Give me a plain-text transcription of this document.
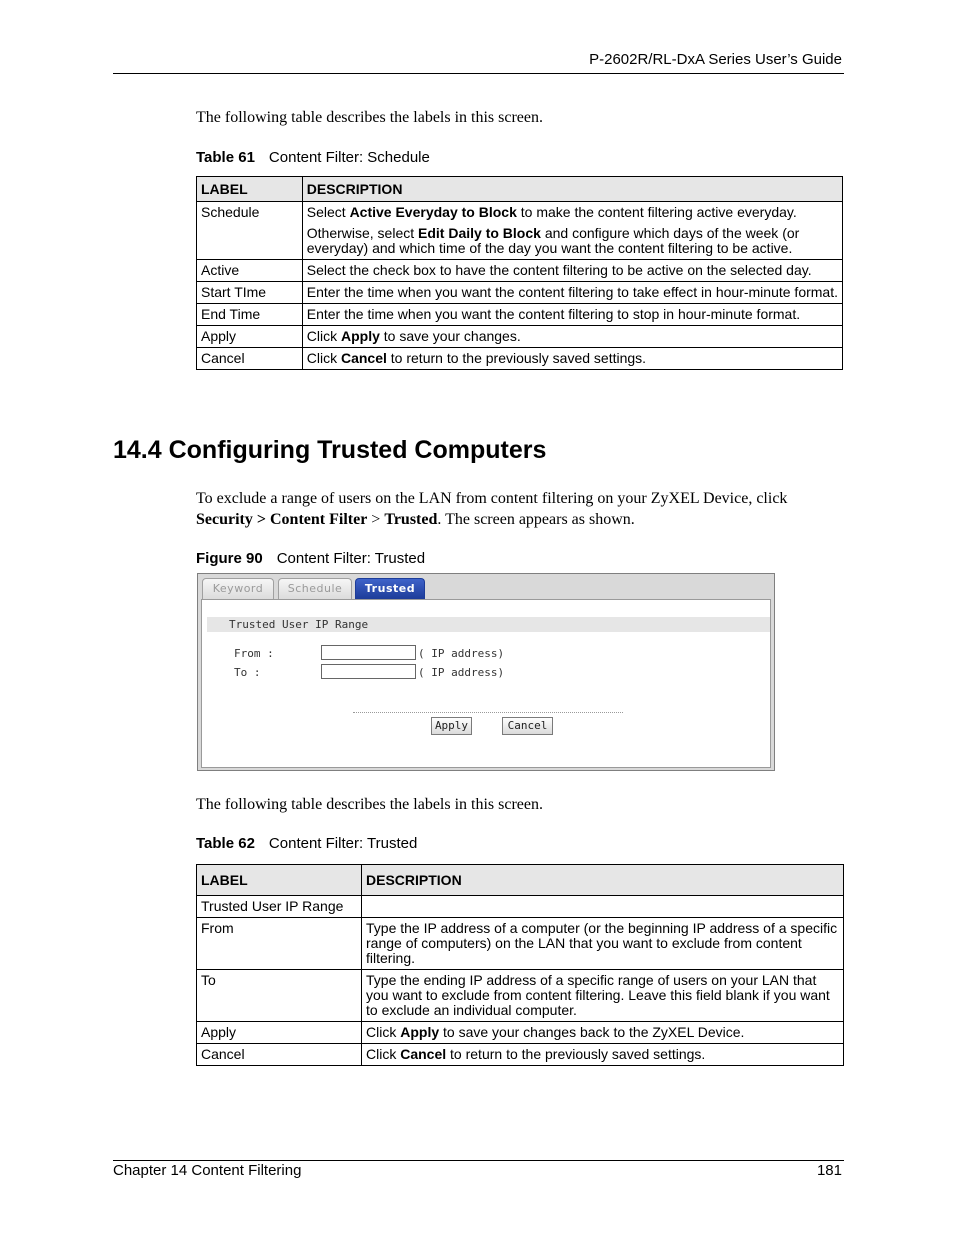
P-2602R/RL-DxA Series User’s Guide
The following table describes the labels in this screen.
Table 61 Content Filter: Schedule
LABEL	DESCRIPTION
Schedule	Select Active Everyday to Block to make the content filtering active everyday.

Otherwise, select Edit Daily to Block and configure which days of the week (or everyday) and which time of the day you want the content filtering to be active.

Active	Select the check box to have the content filtering to be active on the selected day.
Start TIme	Enter the time when you want the content filtering to take effect in hour-minute format.
End Time	Enter the time when you want the content filtering to stop in hour-minute format.
Apply	Click Apply to save your changes.
Cancel	Click Cancel to return to the previously saved settings.
14.4 Configuring Trusted Computers
To exclude a range of users on the LAN from content filtering on your ZyXEL Device, click Security > Content Filter > Trusted. The screen appears as shown.
Figure 90 Content Filter: Trusted
Keyword	Schedule	Trusted
Trusted User IP Range
From :	( IP address)
To :	( IP address)
Apply	Cancel
The following table describes the labels in this screen.
Table 62 Content Filter: Trusted
LABEL	DESCRIPTION
Trusted User IP Range	
From	Type the IP address of a computer (or the beginning IP address of a specific range of computers) on the LAN that you want to exclude from content filtering.
To	Type the ending IP address of a specific range of users on your LAN that you want to exclude from content filtering. Leave this field blank if you want to exclude an individual computer.
Apply	Click Apply to save your changes back to the ZyXEL Device.
Cancel	Click Cancel to return to the previously saved settings.
Chapter 14 Content Filtering	181
